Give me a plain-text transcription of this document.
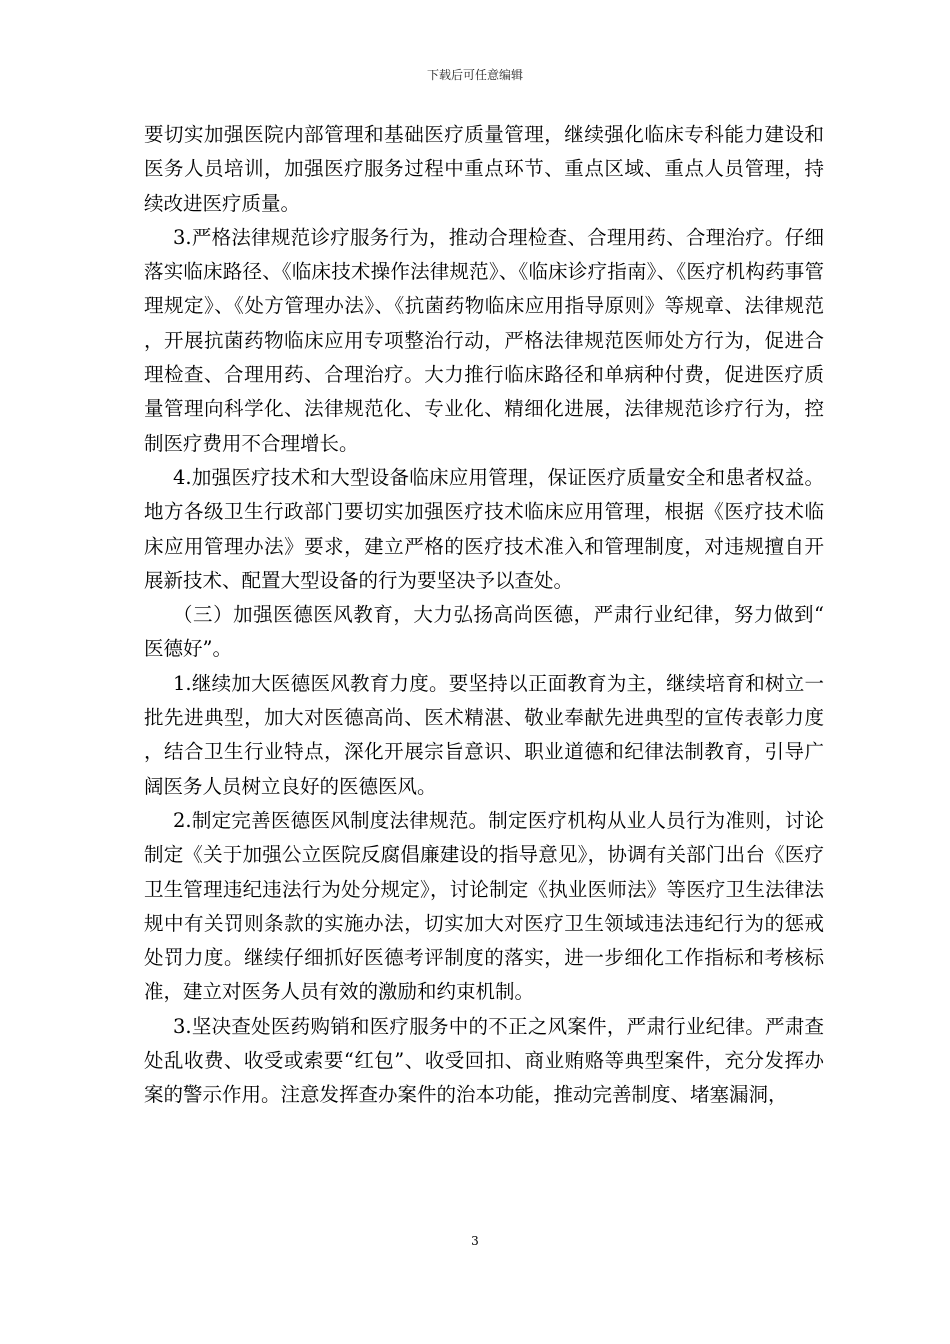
下载后可任意编辑

要切实加强医院内部管理和基础医疗质量管理，继续强化临床专科能力建设和医务人员培训，加强医疗服务过程中重点环节、重点区域、重点人员管理，持续改进医疗质量。

3.严格法律规范诊疗服务行为，推动合理检查、合理用药、合理治疗。仔细落实临床路径、《临床技术操作法律规范》、《临床诊疗指南》、《医疗机构药事管理规定》、《处方管理办法》、《抗菌药物临床应用指导原则》等规章、法律规范，开展抗菌药物临床应用专项整治行动，严格法律规范医师处方行为，促进合理检查、合理用药、合理治疗。大力推行临床路径和单病种付费，促进医疗质量管理向科学化、法律规范化、专业化、精细化进展，法律规范诊疗行为，控制医疗费用不合理增长。

4.加强医疗技术和大型设备临床应用管理，保证医疗质量安全和患者权益。地方各级卫生行政部门要切实加强医疗技术临床应用管理，根据《医疗技术临床应用管理办法》要求，建立严格的医疗技术准入和管理制度，对违规擅自开展新技术、配置大型设备的行为要坚决予以查处。

（三）加强医德医风教育，大力弘扬高尚医德，严肃行业纪律，努力做到“医德好”。

1.继续加大医德医风教育力度。要坚持以正面教育为主，继续培育和树立一批先进典型，加大对医德高尚、医术精湛、敬业奉献先进典型的宣传表彰力度，结合卫生行业特点，深化开展宗旨意识、职业道德和纪律法制教育，引导广阔医务人员树立良好的医德医风。

2.制定完善医德医风制度法律规范。制定医疗机构从业人员行为准则，讨论制定《关于加强公立医院反腐倡廉建设的指导意见》，协调有关部门出台《医疗卫生管理违纪违法行为处分规定》，讨论制定《执业医师法》等医疗卫生法律法规中有关罚则条款的实施办法，切实加大对医疗卫生领域违法违纪行为的惩戒处罚力度。继续仔细抓好医德考评制度的落实，进一步细化工作指标和考核标准，建立对医务人员有效的激励和约束机制。

3.坚决查处医药购销和医疗服务中的不正之风案件，严肃行业纪律。严肃查处乱收费、收受或索要“红包”、收受回扣、商业贿赂等典型案件，充分发挥办案的警示作用。注意发挥查办案件的治本功能，推动完善制度、堵塞漏洞，

3
